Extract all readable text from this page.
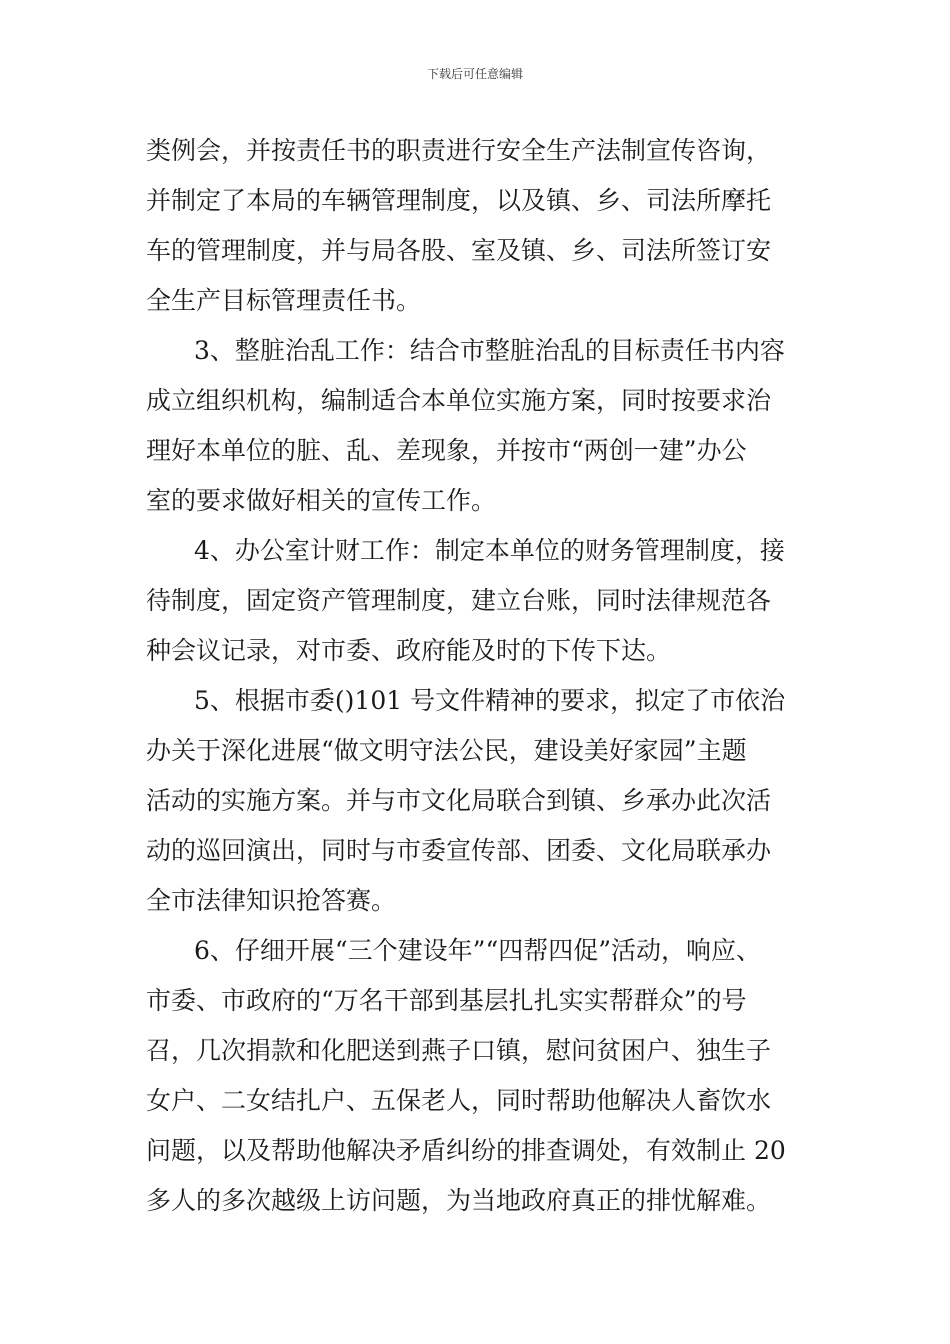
下载后可任意编辑
类例会，并按责任书的职责进行安全生产法制宣传咨询，
并制定了本局的车辆管理制度，以及镇、乡、司法所摩托
车的管理制度，并与局各股、室及镇、乡、司法所签订安
全生产目标管理责任书。
3、整脏治乱工作：结合市整脏治乱的目标责任书内容
成立组织机构，编制适合本单位实施方案，同时按要求治
理好本单位的脏、乱、差现象，并按市“两创一建”办公
室的要求做好相关的宣传工作。
4、办公室计财工作：制定本单位的财务管理制度，接
待制度，固定资产管理制度，建立台账，同时法律规范各
种会议记录，对市委、政府能及时的下传下达。
5、根据市委()101 号文件精神的要求，拟定了市依治
办关于深化进展“做文明守法公民，建设美好家园”主题
活动的实施方案。并与市文化局联合到镇、乡承办此次活
动的巡回演出，同时与市委宣传部、团委、文化局联承办
全市法律知识抢答赛。
6、仔细开展“三个建设年”“四帮四促”活动，响应、
市委、市政府的“万名干部到基层扎扎实实帮群众”的号
召，几次捐款和化肥送到燕子口镇，慰问贫困户、独生子
女户、二女结扎户、五保老人，同时帮助他解决人畜饮水
问题，以及帮助他解决矛盾纠纷的排查调处，有效制止 20
多人的多次越级上访问题，为当地政府真正的排忧解难。
